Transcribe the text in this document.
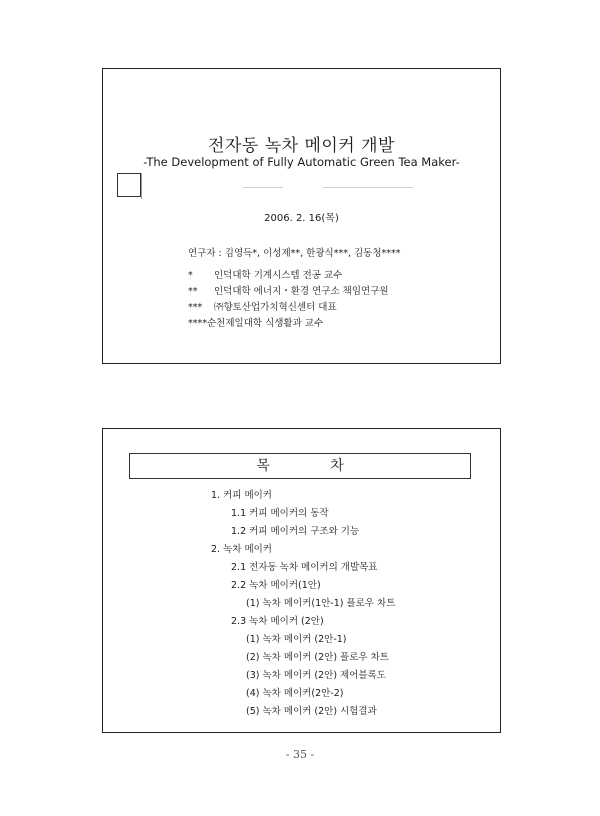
전자동 녹차 메이커 개발
-The Development of Fully Automatic Green Tea Maker-
2006. 2. 16(목)
연구자 : 김영득*, 이성제**, 한광식***, 김동청****
* 인덕대학 기계시스템 전공 교수
** 인덕대학 에너지・환경 연구소 책임연구원
*** ㈜향토산업가치혁신센터 대표
****순천제일대학 식생활과 교수
목 차
1. 커피 메이커
1.1 커피 메이커의 동작
1.2 커피 메이커의 구조와 기능
2. 녹차 메이커
2.1 전자동 녹차 메이커의 개발목표
2.2 녹차 메이커(1안)
(1) 녹차 메이커(1안-1) 플로우 차트
2.3 녹차 메이커 (2안)
(1) 녹차 메이커 (2안-1)
(2) 녹차 메이커 (2안) 플로우 차트
(3) 녹차 메이커 (2안) 제어블록도
(4) 녹차 메이커(2안-2)
(5) 녹차 메이커 (2안) 시험결과
- 35 -
